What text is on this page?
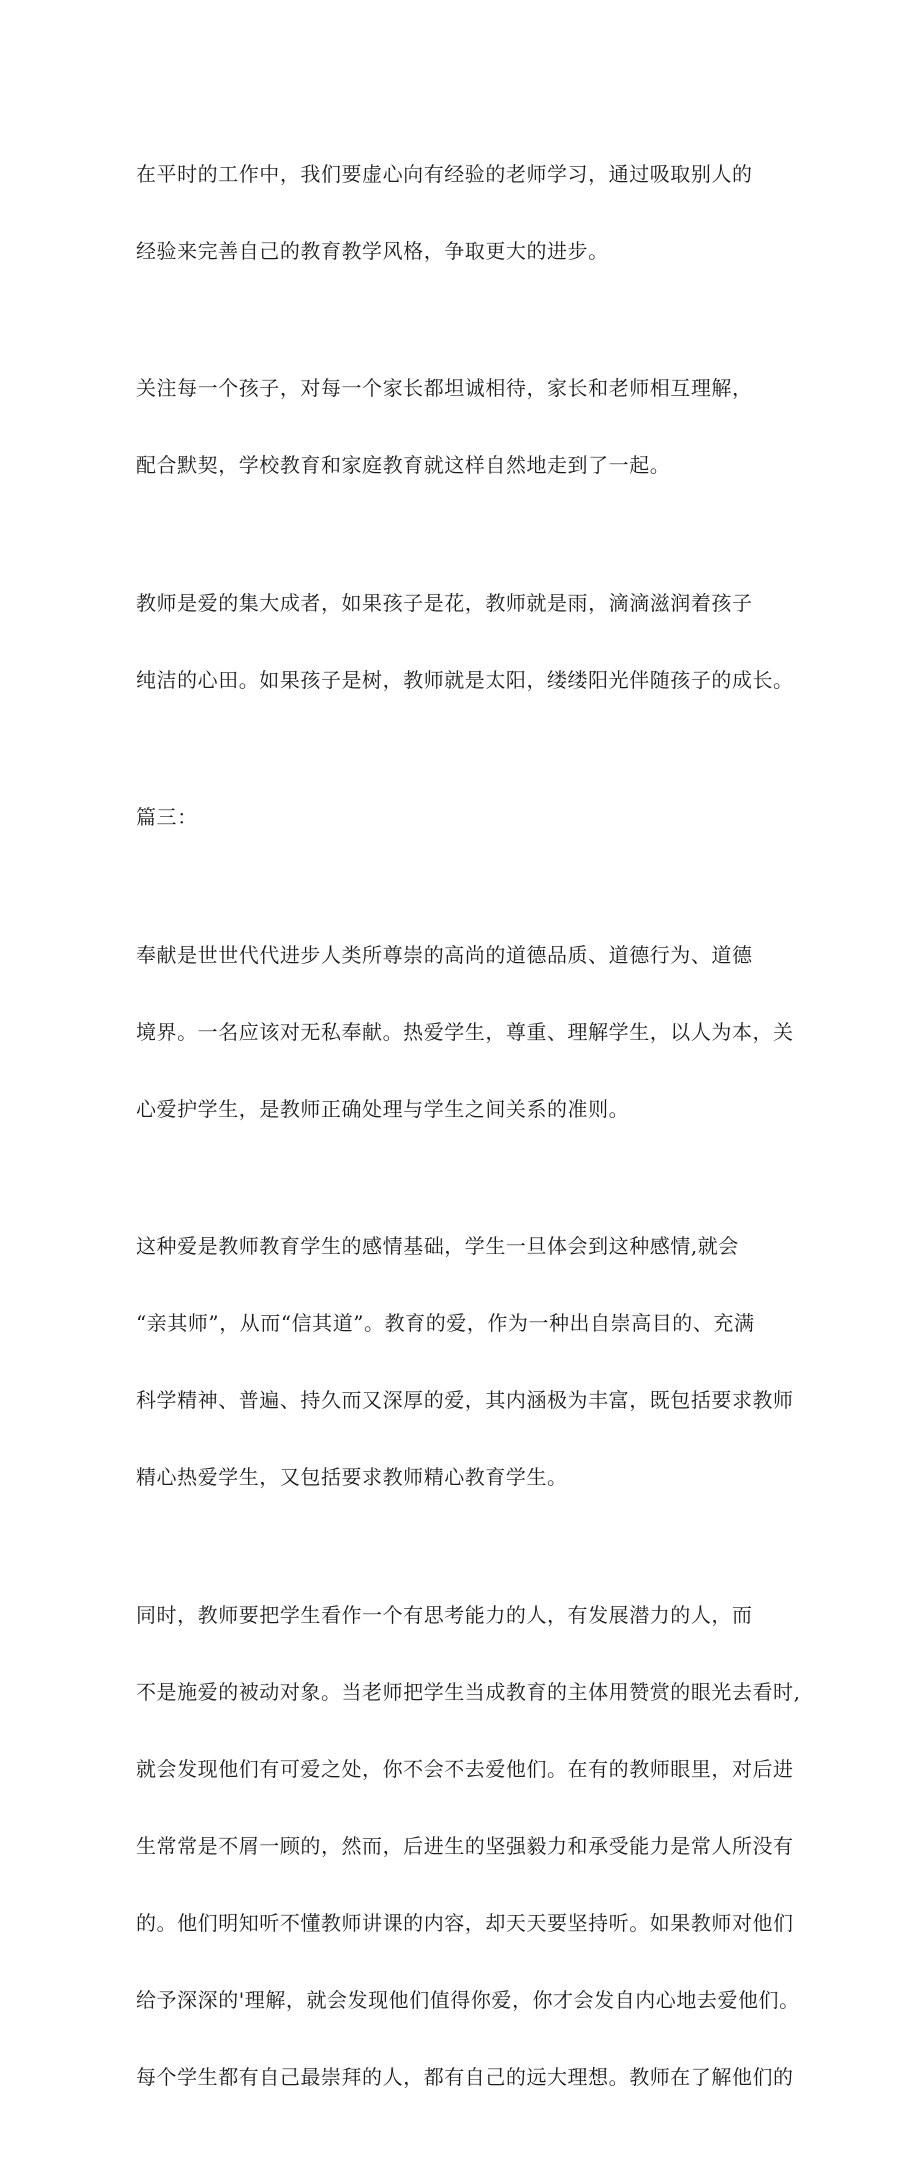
在平时的工作中，我们要虚心向有经验的老师学习，通过吸取别人的

经验来完善自己的教育教学风格，争取更大的进步。

关注每一个孩子，对每一个家长都坦诚相待，家长和老师相互理解，

配合默契，学校教育和家庭教育就这样自然地走到了一起。

教师是爱的集大成者，如果孩子是花，教师就是雨，滴滴滋润着孩子

纯洁的心田。如果孩子是树，教师就是太阳，缕缕阳光伴随孩子的成长。

篇三：

奉献是世世代代进步人类所尊崇的高尚的道德品质、道德行为、道德

境界。一名应该对无私奉献。热爱学生，尊重、理解学生，以人为本，关

心爱护学生，是教师正确处理与学生之间关系的准则。

这种爱是教师教育学生的感情基础，学生一旦体会到这种感情,就会

“亲其师”，从而“信其道”。教育的爱，作为一种出自崇高目的、充满

科学精神、普遍、持久而又深厚的爱，其内涵极为丰富，既包括要求教师

精心热爱学生，又包括要求教师精心教育学生。

同时，教师要把学生看作一个有思考能力的人，有发展潜力的人，而

不是施爱的被动对象。当老师把学生当成教育的主体用赞赏的眼光去看时,

就会发现他们有可爱之处，你不会不去爱他们。在有的教师眼里，对后进

生常常是不屑一顾的，然而，后进生的坚强毅力和承受能力是常人所没有

的。他们明知听不懂教师讲课的内容，却天天要坚持听。如果教师对他们

给予深深的'理解，就会发现他们值得你爱，你才会发自内心地去爱他们。

每个学生都有自己最崇拜的人，都有自己的远大理想。教师在了解他们的
